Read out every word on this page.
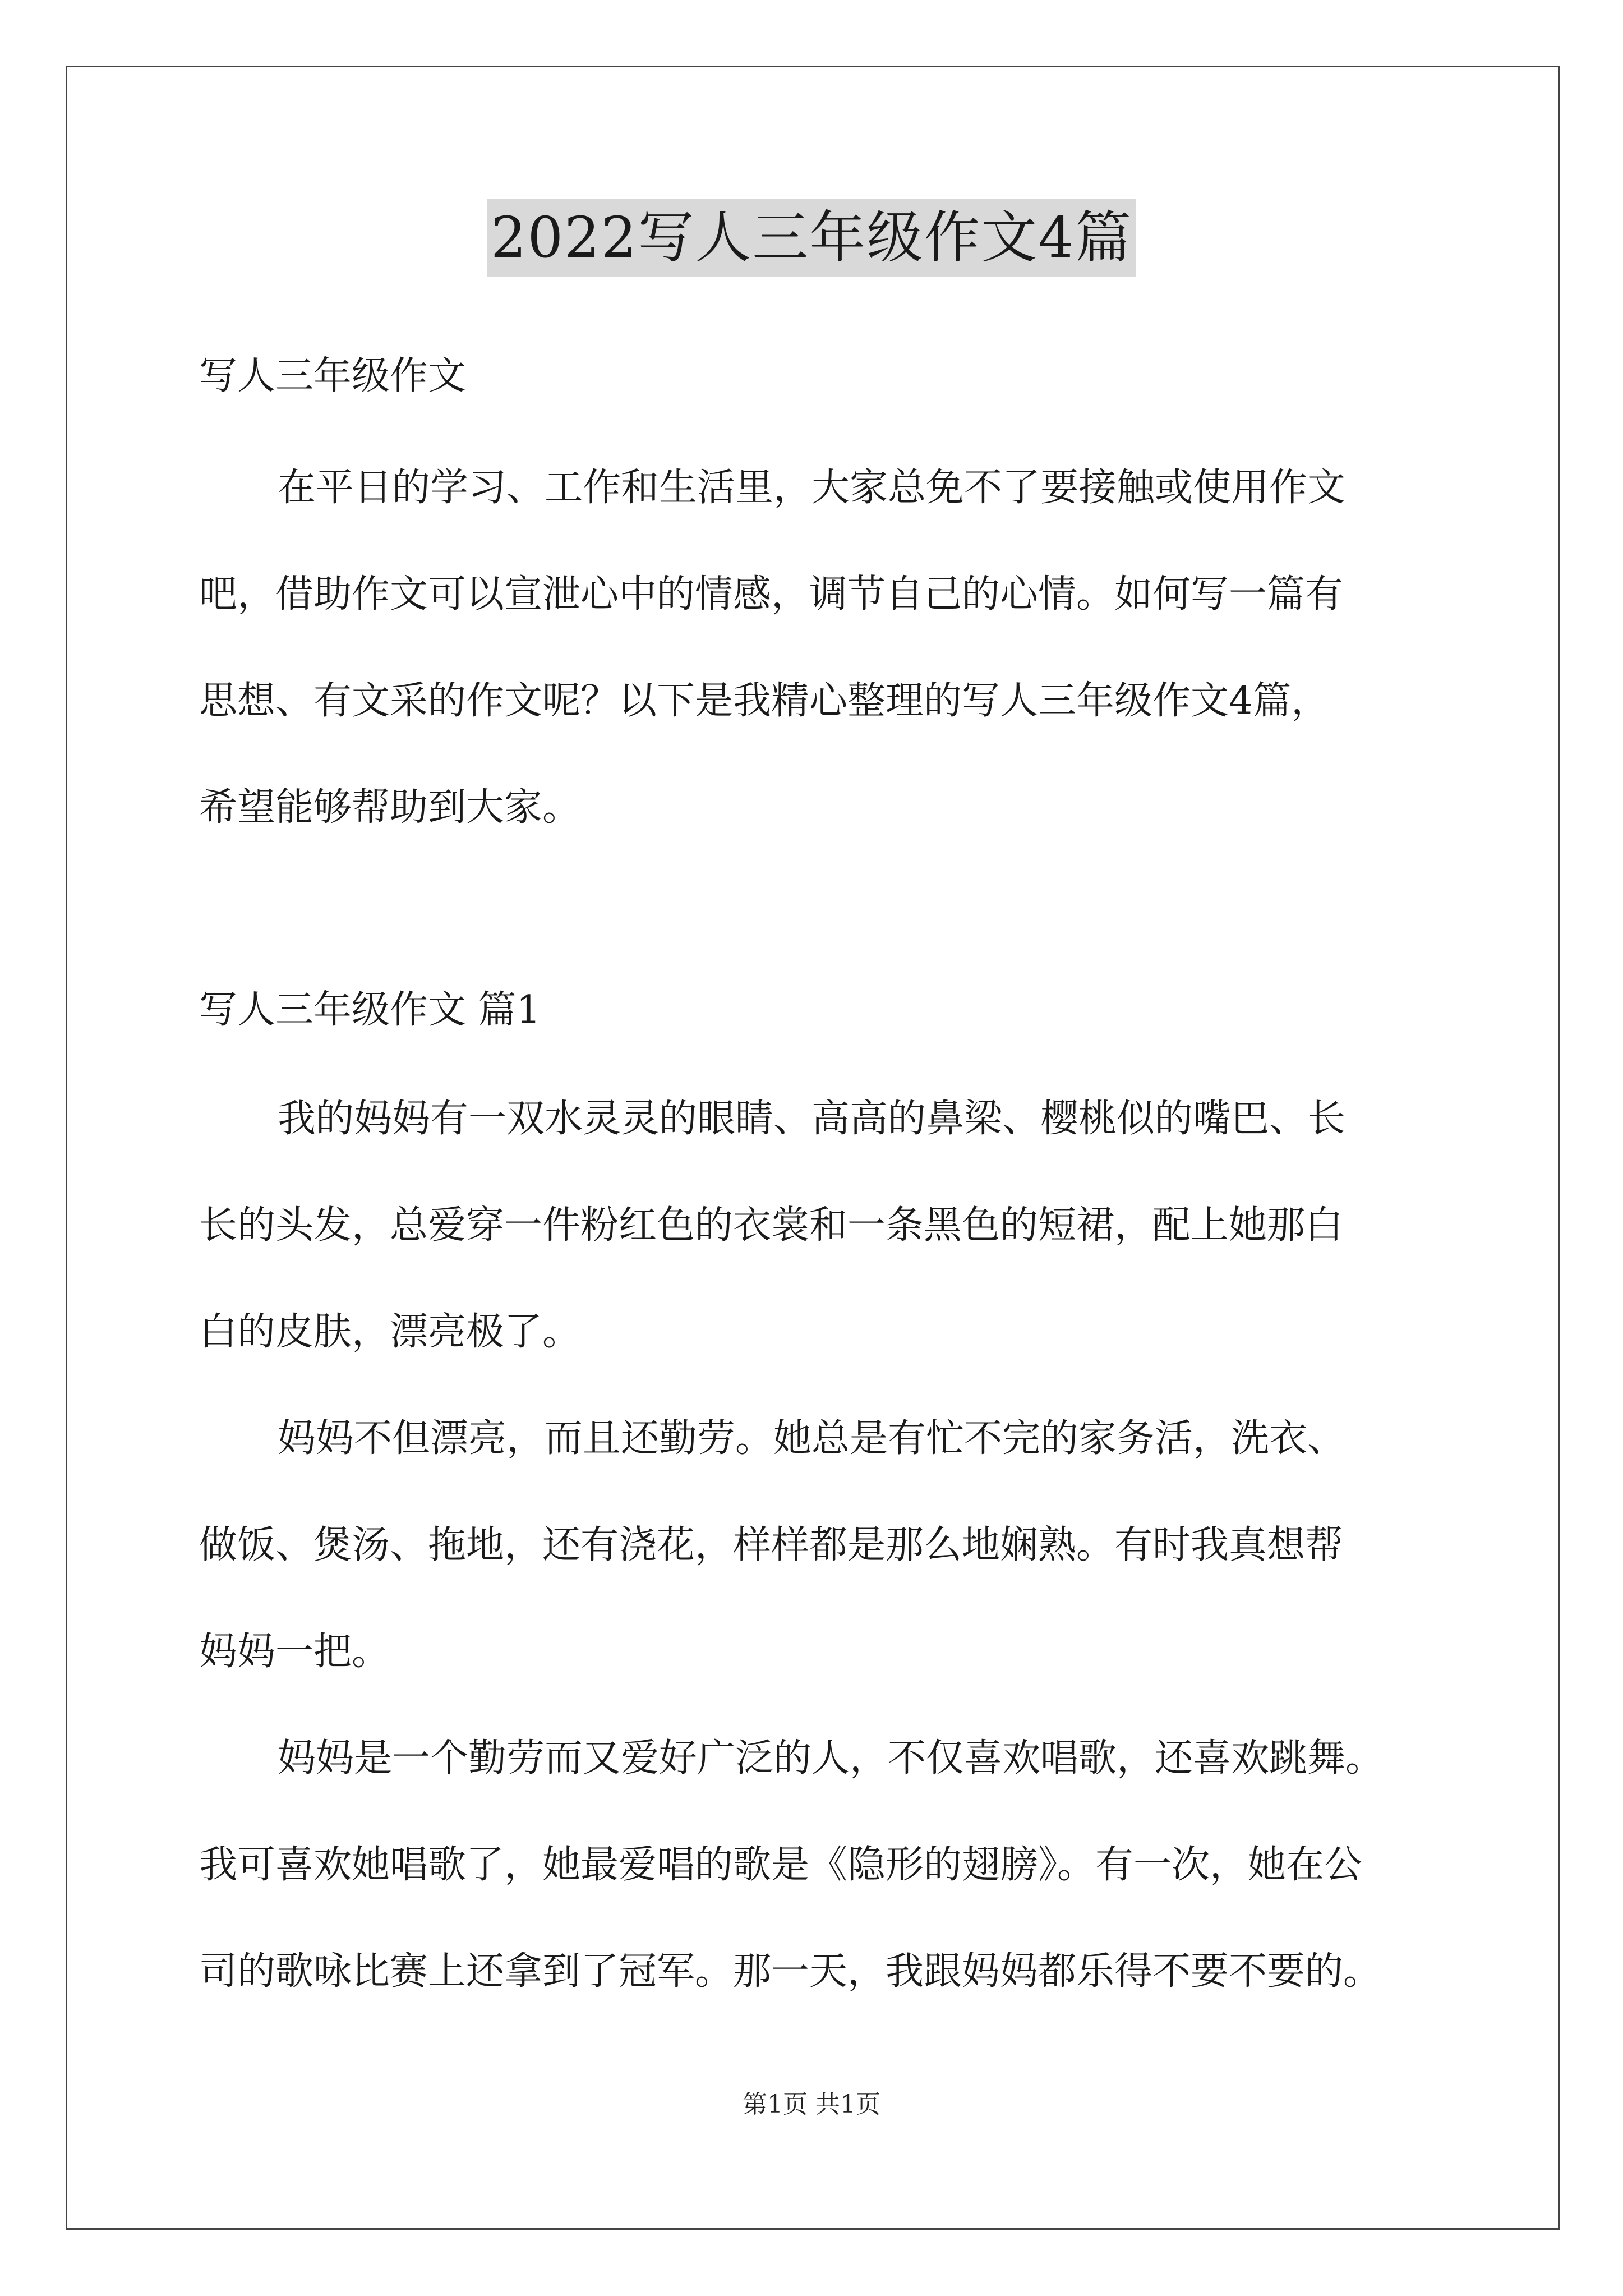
2022写人三年级作文4篇
写人三年级作文
在平日的学习、工作和生活里，大家总免不了要接触或使用作文
吧，借助作文可以宣泄心中的情感，调节自己的心情。如何写一篇有
思想、有文采的作文呢？以下是我精心整理的写人三年级作文4篇，
希望能够帮助到大家。
写人三年级作文 篇1
我的妈妈有一双水灵灵的眼睛、高高的鼻梁、樱桃似的嘴巴、长
长的头发，总爱穿一件粉红色的衣裳和一条黑色的短裙，配上她那白
白的皮肤，漂亮极了。
妈妈不但漂亮，而且还勤劳。她总是有忙不完的家务活，洗衣、
做饭、煲汤、拖地，还有浇花，样样都是那么地娴熟。有时我真想帮
妈妈一把。
妈妈是一个勤劳而又爱好广泛的人，不仅喜欢唱歌，还喜欢跳舞。
我可喜欢她唱歌了，她最爱唱的歌是《隐形的翅膀》。有一次，她在公
司的歌咏比赛上还拿到了冠军。那一天，我跟妈妈都乐得不要不要的。
第1页 共1页
